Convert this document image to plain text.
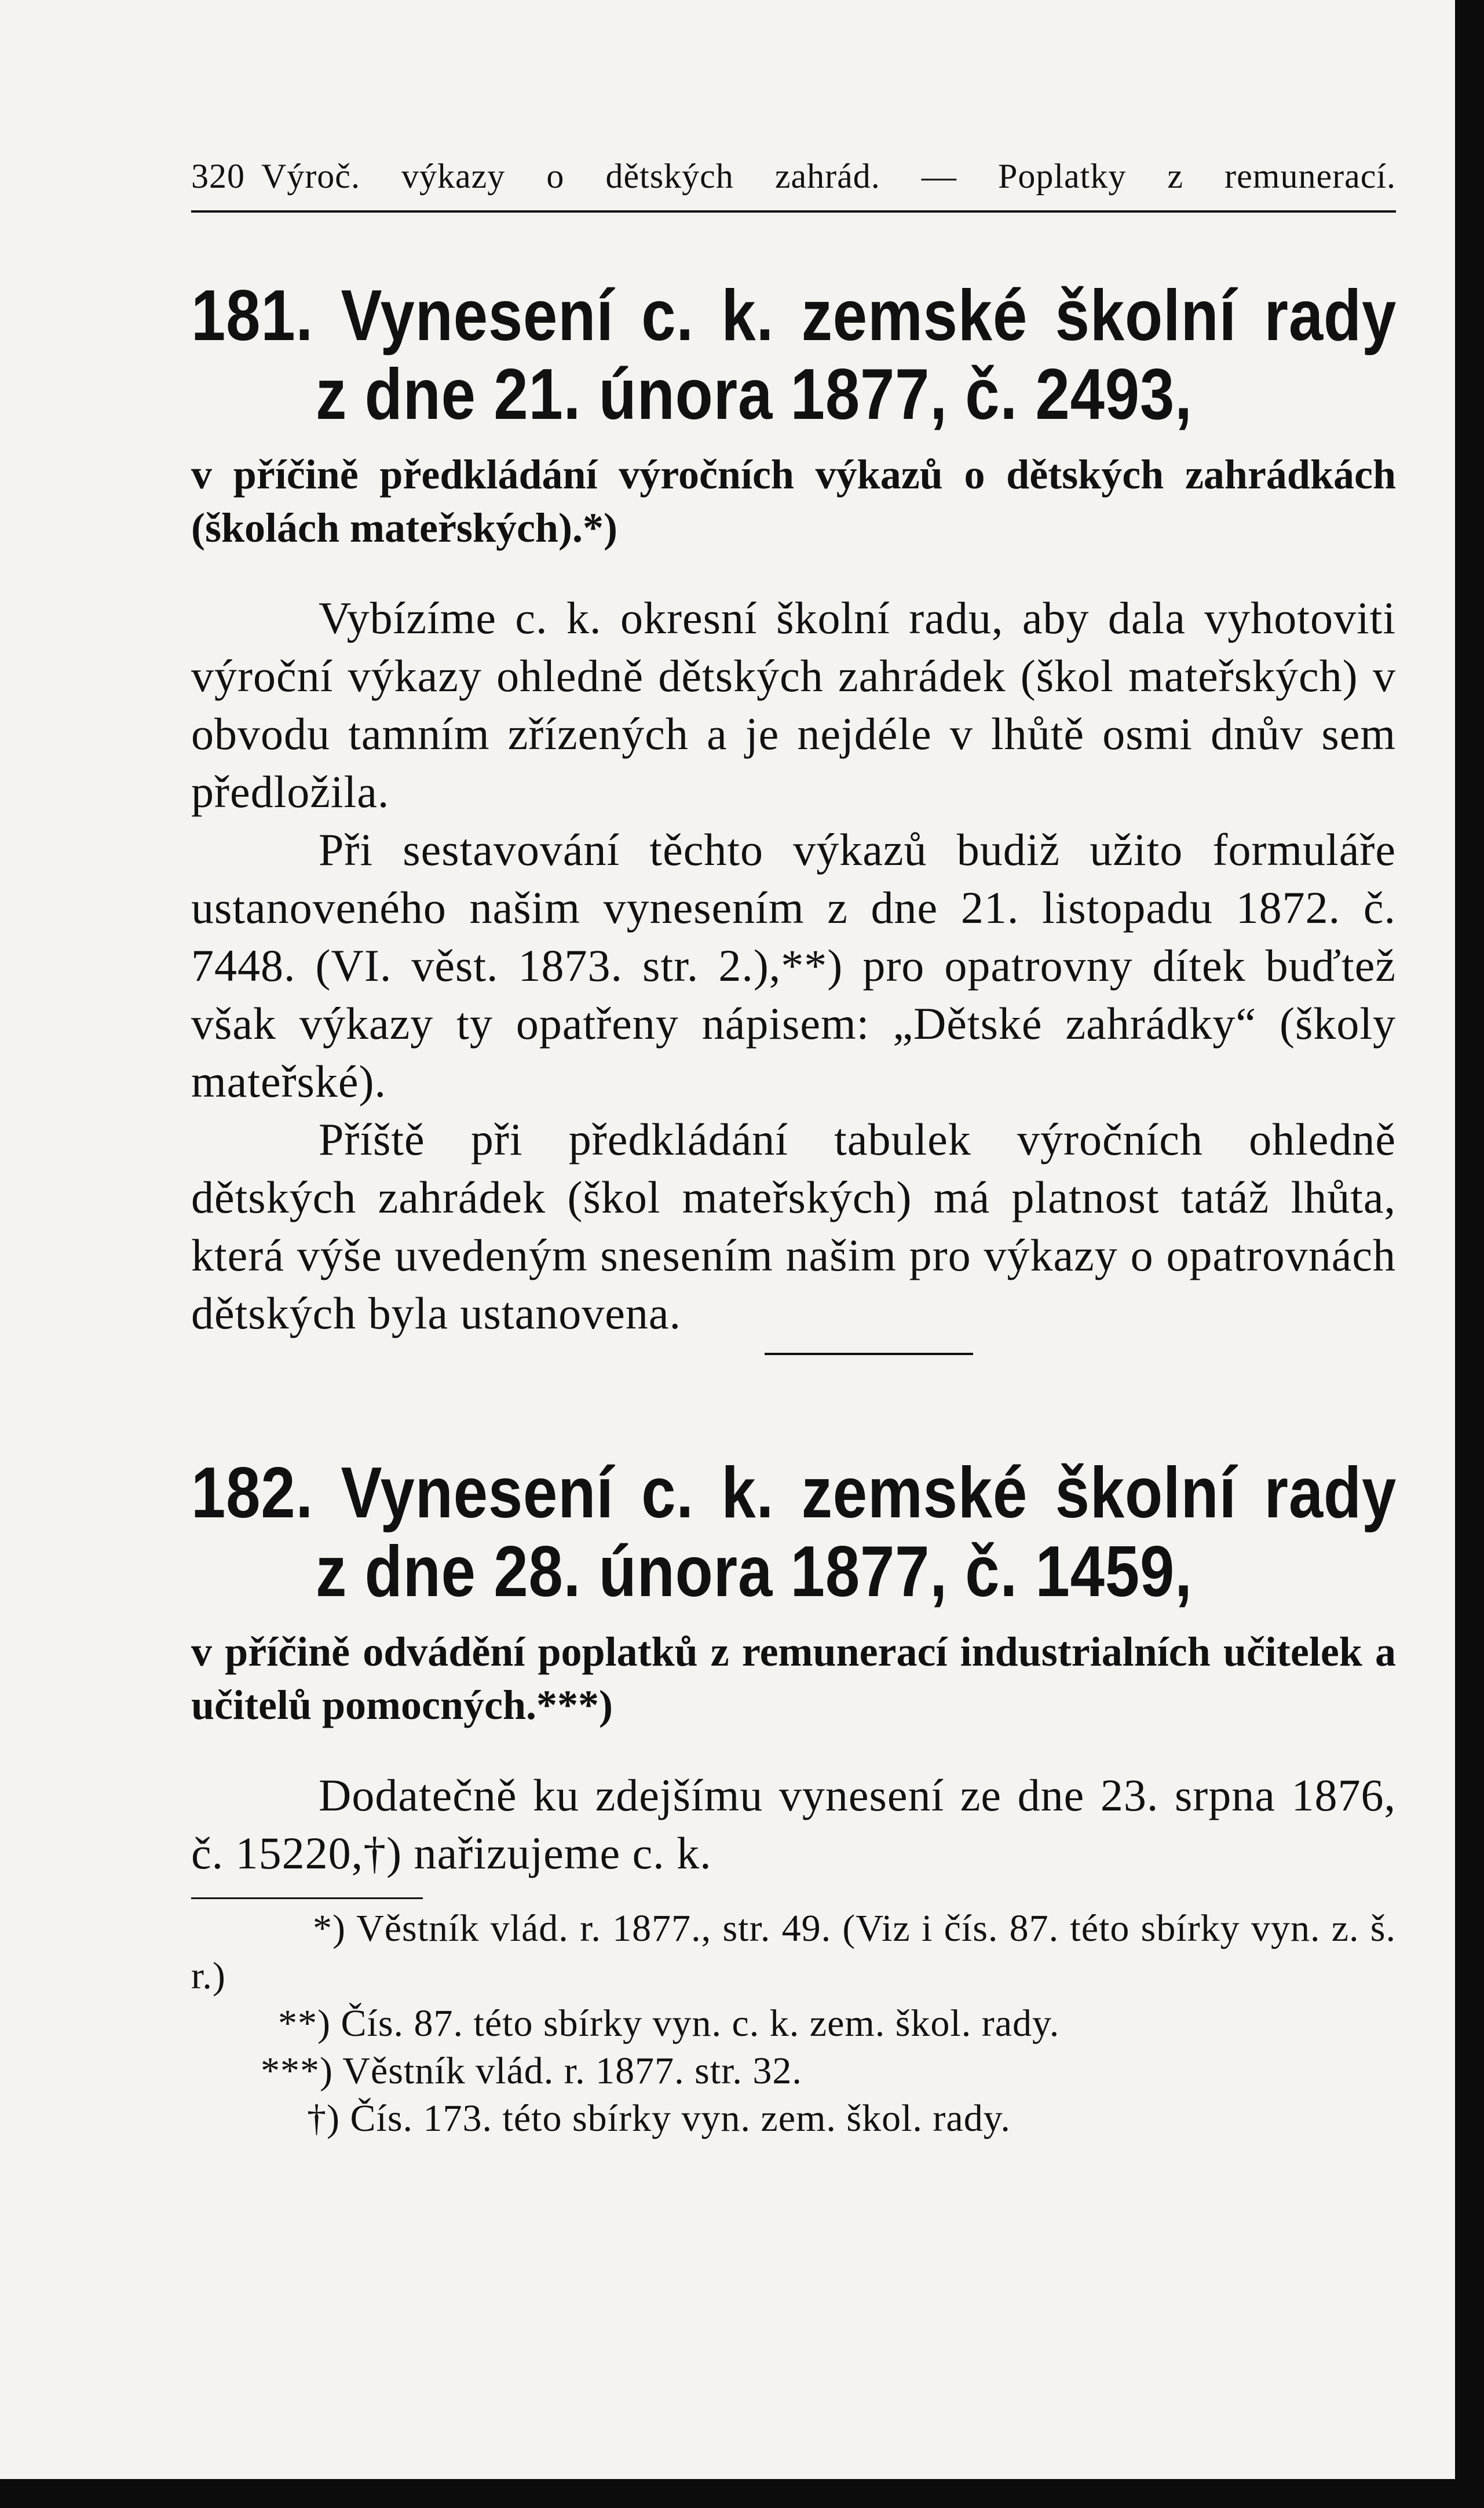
320 Výroč. výkazy o dětských zahrád. — Poplatky z remunerací.
181. Vynesení c. k. zemské školní rady
z dne 21. února 1877, č. 2493,
v příčině předkládání výročních výkazů o dětských zahrádkách (školách mateřských).*)

Vybízíme c. k. okresní školní radu, aby dala vyhotoviti výroční výkazy ohledně dětských zahrádek (škol mateřských) v obvodu tamním zřízených a je nejdéle v lhůtě osmi dnův sem předložila.

Při sestavování těchto výkazů budiž užito formuláře ustanoveného našim vynesením z dne 21. listopadu 1872. č. 7448. (VI. věst. 1873. str. 2.),**) pro opatrovny dítek buďtež však výkazy ty opatřeny nápisem: „Dětské zahrádky“ (školy mateřské).

Příště při předkládání tabulek výročních ohledně dětských zahrádek (škol mateřských) má platnost tatáž lhůta, která výše uvedeným snesením našim pro výkazy o opatrovnách dětských byla ustanovena.

182. Vynesení c. k. zemské školní rady
z dne 28. února 1877, č. 1459,
v příčině odvádění poplatků z remunerací industrialních učitelek a učitelů pomocných.***)

Dodatečně ku zdejšímu vynesení ze dne 23. srpna 1876, č. 15220,†) nařizujeme c. k.

*) Věstník vlád. r. 1877., str. 49. (Viz i čís. 87. této sbírky vyn. z. š. r.)
**) Čís. 87. této sbírky vyn. c. k. zem. škol. rady.
***) Věstník vlád. r. 1877. str. 32.
†) Čís. 173. této sbírky vyn. zem. škol. rady.
